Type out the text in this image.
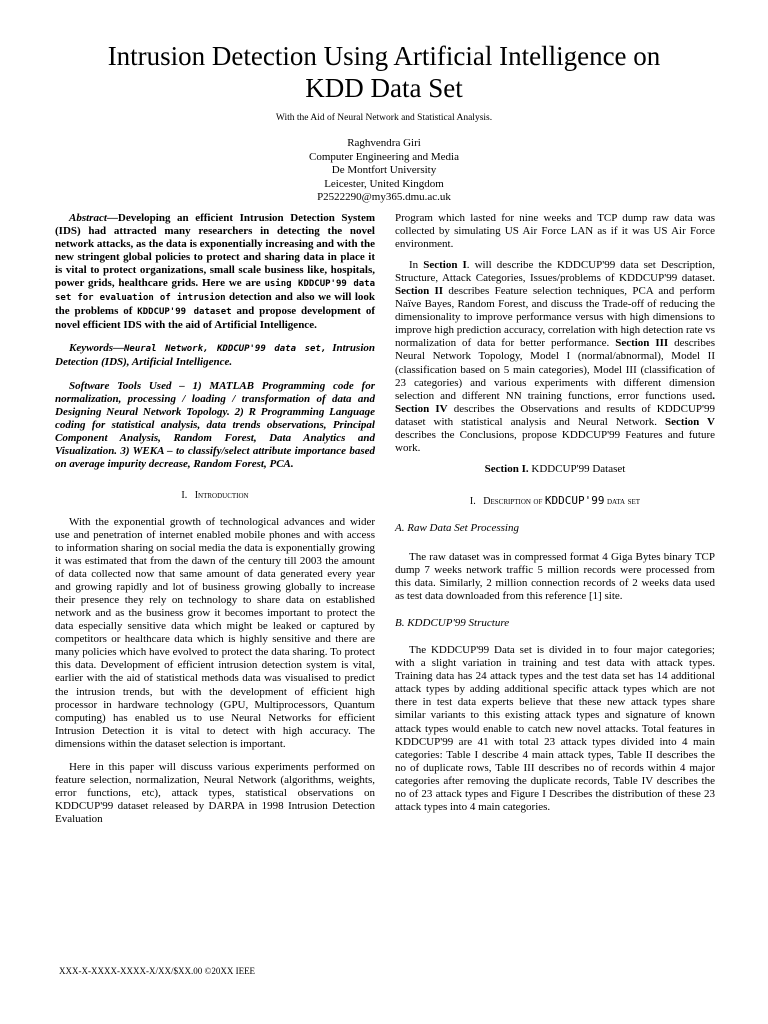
Intrusion Detection Using Artificial Intelligence on
KDD Data Set
With the Aid of Neural Network and Statistical Analysis.
Raghvendra Giri
Computer Engineering and Media
De Montfort University
Leicester, United Kingdom
P2522290@my365.dmu.ac.uk

Abstract—Developing an efficient Intrusion Detection System (IDS) had attracted many researchers in detecting the novel network attacks, as the data is exponentially increasing and with the new stringent global policies to protect and sharing data in place it is vital to protect organizations, small scale business like, hospitals, power grids, healthcare grids. Here we are using KDDCUP'99 data set for evaluation of intrusion detection and also we will look the problems of KDDCUP'99 dataset and propose development of novel efficient IDS with the aid of Artificial Intelligence.

Keywords—Neural Network, KDDCUP'99 data set, Intrusion Detection (IDS), Artificial Intelligence.

Software Tools Used – 1) MATLAB Programming code for normalization, processing / loading / transformation of data and Designing Neural Network Topology. 2) R Programming Language coding for statistical analysis, data trends observations, Principal Component Analysis, Random Forest, Data Analytics and Visualization. 3) WEKA – to classify/select attribute importance based on average impurity decrease, Random Forest, PCA.

I. Introduction

With the exponential growth of technological advances and wider use and penetration of internet enabled mobile phones and with access to information sharing on social media the data is exponentially growing it was estimated that from the dawn of the century till 2003 the amount of data collected now that same amount of data generated every year and growing rapidly and lot of business growing globally to increase their presence they rely on technology to share data on established network and as the business grow it becomes important to protect the data especially sensitive data which might be leaked or captured by competitors or healthcare data which is highly sensitive and there are many policies which have evolved to protect the data sharing. To protect this data. Development of efficient intrusion detection system is vital, earlier with the aid of statistical methods data was visualised to predict the intrusion trends, but with the development of efficient high processor in hardware technology (GPU, Multiprocessors, Quantum computing) has enabled us to use Neural Networks for efficient Intrusion Detection it is vital to detect with high accuracy. The dimensions within the dataset selection is important.

Here in this paper will discuss various experiments performed on feature selection, normalization, Neural Network (algorithms, weights, error functions, etc), attack types, statistical observations on KDDCUP'99 dataset released by DARPA in 1998 Intrusion Detection Evaluation

Program which lasted for nine weeks and TCP dump raw data was collected by simulating US Air Force LAN as if it was US Air Force environment.

In Section I. will describe the KDDCUP'99 data set Description, Structure, Attack Categories, Issues/problems of KDDCUP'99 dataset. Section II describes Feature selection techniques, PCA and perform Naïve Bayes, Random Forest, and discuss the Trade-off of reducing the dimensionality to improve performance versus with high dimensions to improve high prediction accuracy, correlation with high detection rate vs normalization of data for better performance. Section III describes Neural Network Topology, Model I (normal/abnormal), Model II (classification based on 5 main categories), Model III (classification of 23 categories) and various experiments with different dimension selection and different NN training functions, error functions used. Section IV describes the Observations and results of KDDCUP'99 dataset with statistical analysis and Neural Network. Section V describes the Conclusions, propose KDDCUP'99 Features and future work.

Section I. KDDCUP'99 Dataset

I. Description of KDDCUP'99 data set

A. Raw Data Set Processing

The raw dataset was in compressed format 4 Giga Bytes binary TCP dump 7 weeks network traffic 5 million records were processed from this data. Similarly, 2 million connection records of 2 weeks data used as test data downloaded from this reference [1] site.

B. KDDCUP'99 Structure

The KDDCUP'99 Data set is divided in to four major categories; with a slight variation in training and test data with attack types. Training data has 24 attack types and the test data set has 14 additional attack types by adding additional specific attack types which are not there in test data experts believe that these new attack types share similar variants to this existing attack types and signature of known attack types would enable to catch new novel attacks. Total features in KDDCUP'99 are 41 with total 23 attack types divided into 4 main categories: Table I describe 4 main attack types, Table II describes the no of duplicate rows, Table III describes no of records within 4 major categories after removing the duplicate records, Table IV describes the no of 23 attack types and Figure I Describes the distribution of these 23 attack types into 4 main categories.

XXX-X-XXXX-XXXX-X/XX/$XX.00 ©20XX IEEE
